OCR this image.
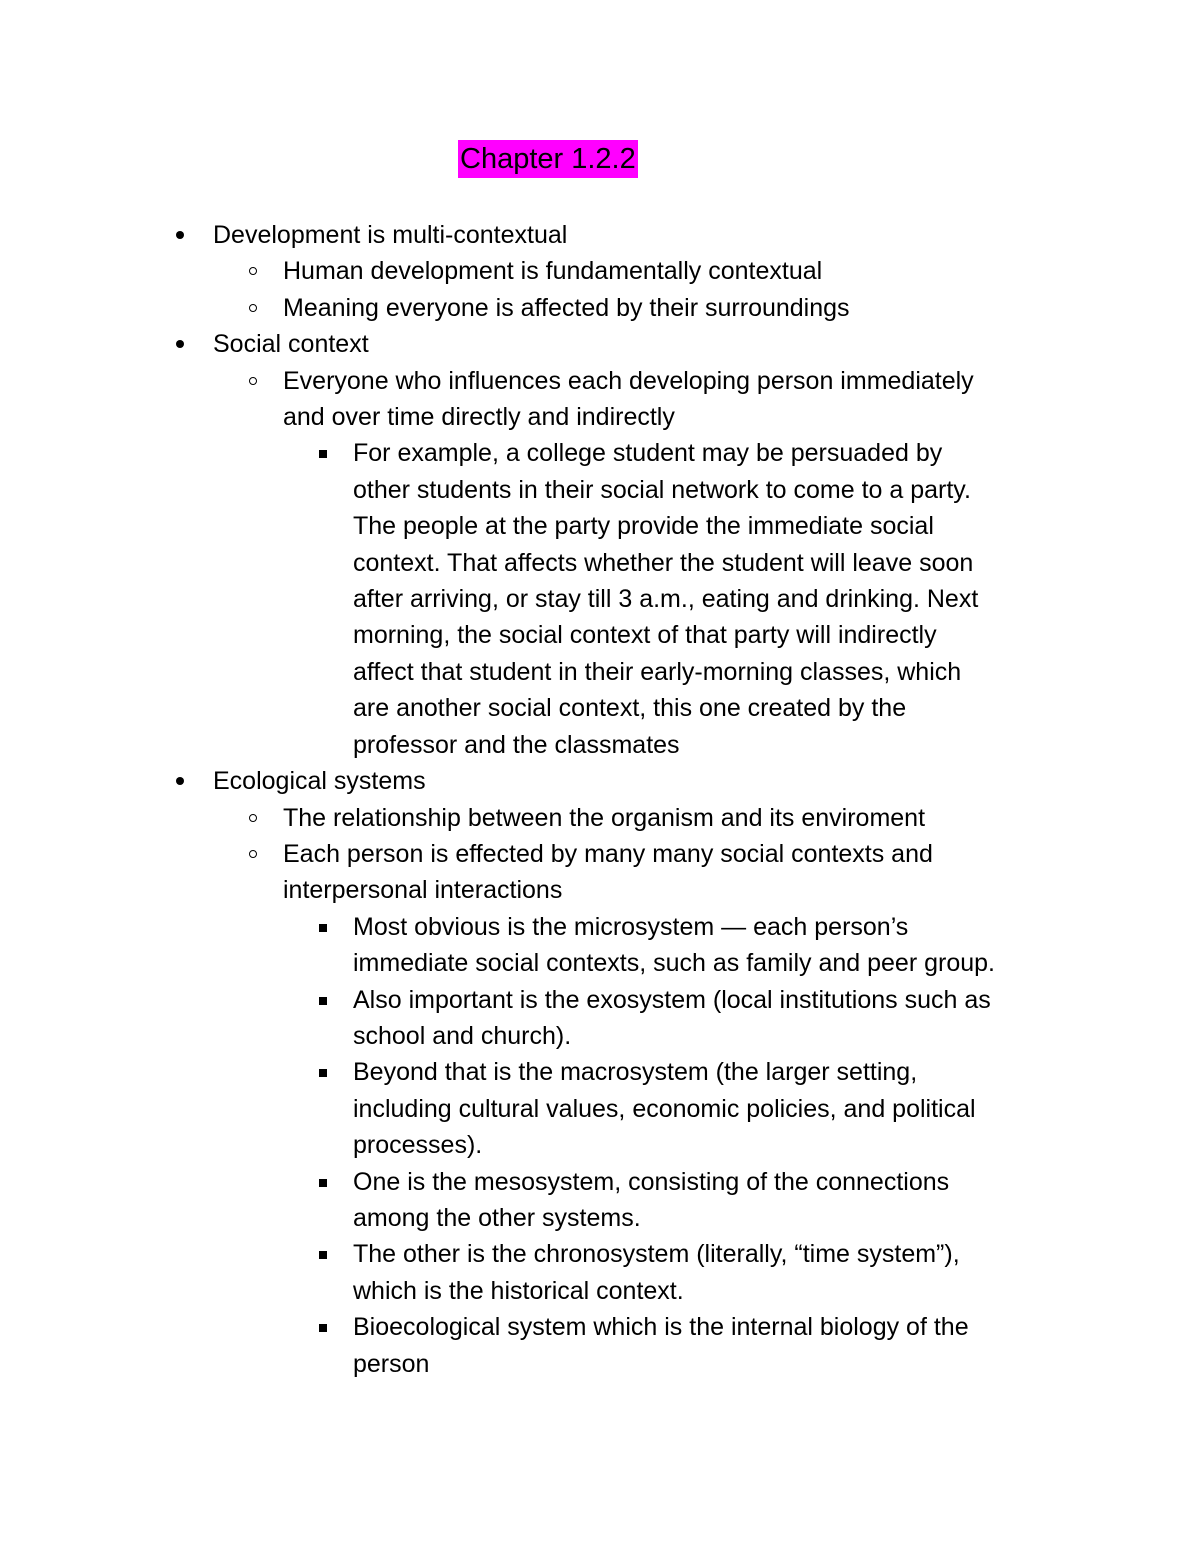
Chapter 1.2.2
Development is multi-contextual
Human development is fundamentally contextual
Meaning everyone is affected by their surroundings
Social context
Everyone who influences each developing person immediately
and over time directly and indirectly
For example, a college student may be persuaded by
other students in their social network to come to a party.
The people at the party provide the immediate social
context. That affects whether the student will leave soon
after arriving, or stay till 3 a.m., eating and drinking. Next
morning, the social context of that party will indirectly
affect that student in their early-morning classes, which
are another social context, this one created by the
professor and the classmates
Ecological systems
The relationship between the organism and its enviroment
Each person is effected by many many social contexts and
interpersonal interactions
Most obvious is the microsystem — each person’s
immediate social contexts, such as family and peer group.
Also important is the exosystem (local institutions such as
school and church).
Beyond that is the macrosystem (the larger setting,
including cultural values, economic policies, and political
processes).
One is the mesosystem, consisting of the connections
among the other systems.
The other is the chronosystem (literally, “time system”),
which is the historical context.
Bioecological system which is the internal biology of the
person
